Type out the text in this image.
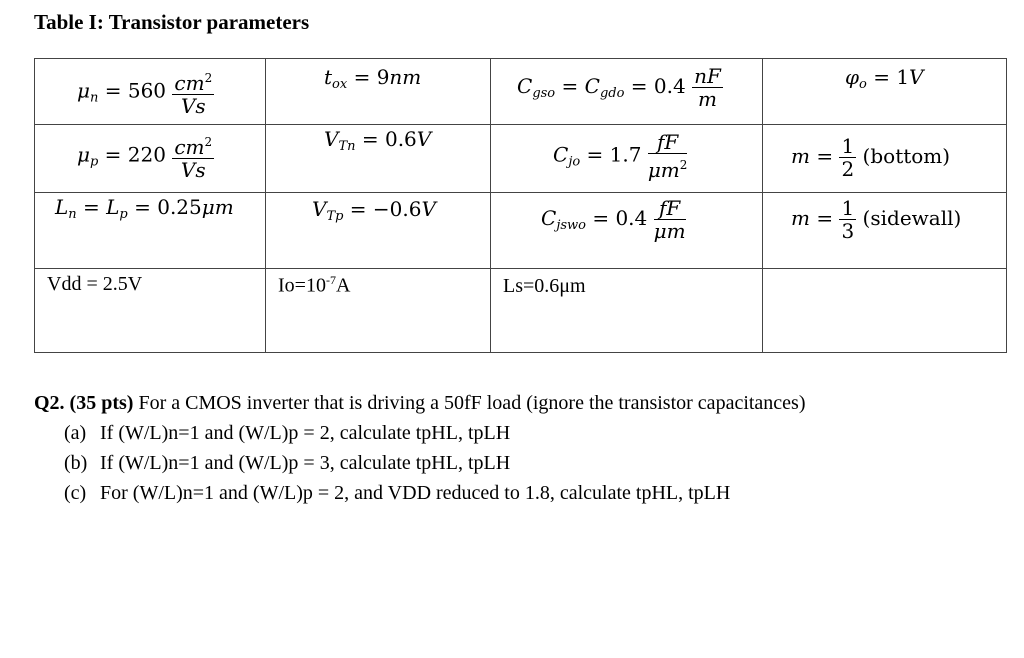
Table I: Transistor parameters
$\mu_n = 560 \frac{cm^2}{Vs}$	$t_{ox} = 9nm$	$C_{gso} = C_{gdo} = 0.4 \frac{nF}{m}$	$\varphi_o = 1V$

$\mu_p = 220 \frac{cm^2}{Vs}$	$V_{Tn} = 0.6V$	$C_{jo} = 1.7 \frac{fF}{\mu m^2}$	$m = \frac{1}{2}$ (bottom)

$L_n = L_p = 0.25\mu m$	$V_{Tp} = -0.6V$	$C_{jswo} = 0.4 \frac{fF}{\mu m}$	$m = \frac{1}{3}$ (sidewall)

Vdd = 2.5V	$Io=10^{-7}A$	Ls=0.6μm	

Q2. (35 pts) For a CMOS inverter that is driving a 50fF load (ignore the transistor capacitances)
(a) If (W/L)n=1 and (W/L)p = 2, calculate tpHL, tpLH
(b) If (W/L)n=1 and (W/L)p = 3, calculate tpHL, tpLH
(c) For (W/L)n=1 and (W/L)p = 2, and VDD reduced to 1.8, calculate tpHL, tpLH
